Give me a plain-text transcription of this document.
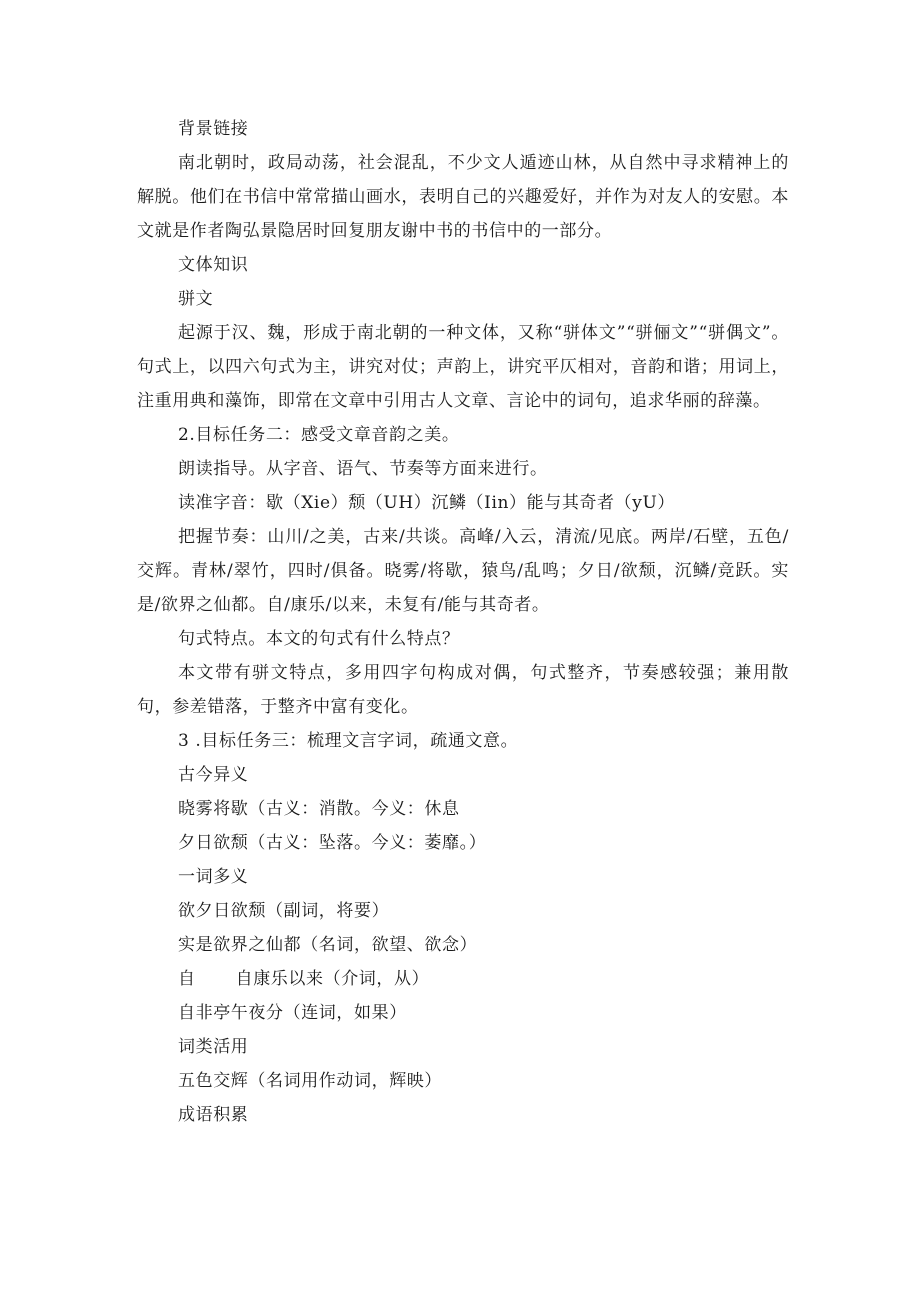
背景链接

南北朝时，政局动荡，社会混乱，不少文人遁迹山林，从自然中寻求精神上的解脱。他们在书信中常常描山画水，表明自己的兴趣爱好，并作为对友人的安慰。本文就是作者陶弘景隐居时回复朋友谢中书的书信中的一部分。

文体知识

骈文

起源于汉、魏，形成于南北朝的一种文体，又称“骈体文”“骈俪文”“骈偶文”。句式上，以四六句式为主，讲究对仗；声韵上，讲究平仄相对，音韵和谐；用词上，注重用典和藻饰，即常在文章中引用古人文章、言论中的词句，追求华丽的辞藻。

2.目标任务二：感受文章音韵之美。

朗读指导。从字音、语气、节奏等方面来进行。

读准字音：歇（Xie）颓（UH）沉鳞（Iin）能与其奇者（yU）

把握节奏：山川/之美，古来/共谈。高峰/入云，清流/见底。两岸/石壁，五色/交辉。青林/翠竹，四时/俱备。晓雾/将歇，猿鸟/乱鸣；夕日/欲颓，沉鳞/竞跃。实是/欲界之仙都。自/康乐/以来，未复有/能与其奇者。

句式特点。本文的句式有什么特点？

本文带有骈文特点，多用四字句构成对偶，句式整齐，节奏感较强；兼用散句，参差错落，于整齐中富有变化。

3 .目标任务三：梳理文言字词，疏通文意。

古今异义

晓雾将歇（古义：消散。今义：休息

夕日欲颓（古义：坠落。今义：萎靡。）

一词多义

欲夕日欲颓（副词，将要）

实是欲界之仙都（名词，欲望、欲念）

自 自康乐以来（介词，从）

自非亭午夜分（连词，如果）

词类活用

五色交辉（名词用作动词，辉映）

成语积累
